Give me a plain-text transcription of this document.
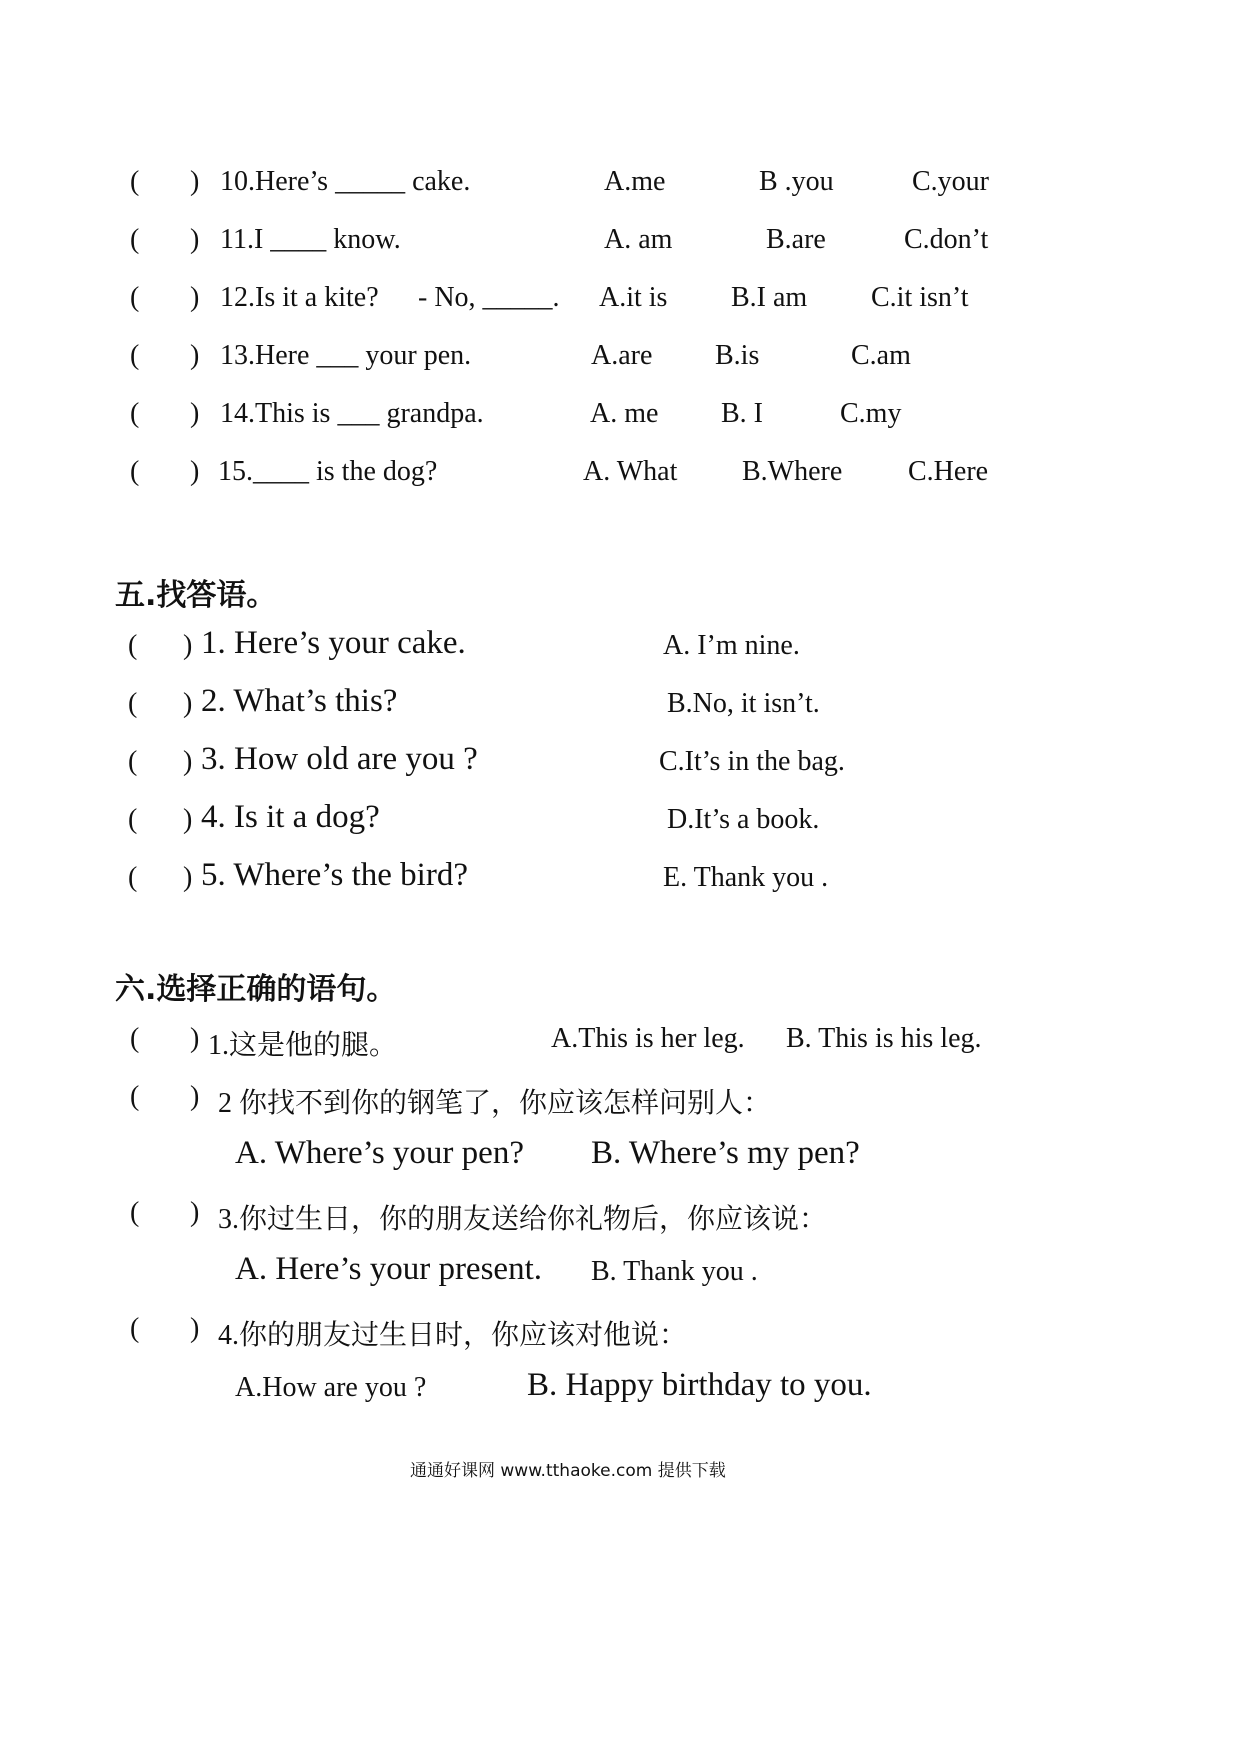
( ) 10.Here’s _____ cake.	A.me	B .you	C.your
( ) 11.I ____ know.	A. am	B.are	C.don’t
( ) 12.Is it a kite? - No, _____. A.it is B.I am C.it isn’t
( ) 13.Here ___ your pen.	A.are B.is	C.am
( ) 14.This is ___ grandpa.	A. me B. I	C.my
( ) 15.____ is the dog?	A. What B.Where C.Here
五.找答语。
( ) 1. Here’s your cake.	A. I’m nine.
( ) 2. What’s this?	B.No, it isn’t.
( ) 3. How old are you ?	C.It’s in the bag.
( ) 4. Is it a dog?	D.It’s a book.
( ) 5. Where’s the bird?	E. Thank you .
六.选择正确的语句。
( ) 1.这是他的腿。	A.This is her leg. B. This is his leg.
( ) 2 你找不到你的钢笔了，你应该怎样问别人：
A. Where’s your pen? B. Where’s my pen?
( ) 3.你过生日，你的朋友送给你礼物后，你应该说：
A. Here’s your present. B. Thank you .
( ) 4.你的朋友过生日时，你应该对他说：
A.How are you ?	B. Happy birthday to you.
通通好课网 www.tthaoke.com 提供下载
